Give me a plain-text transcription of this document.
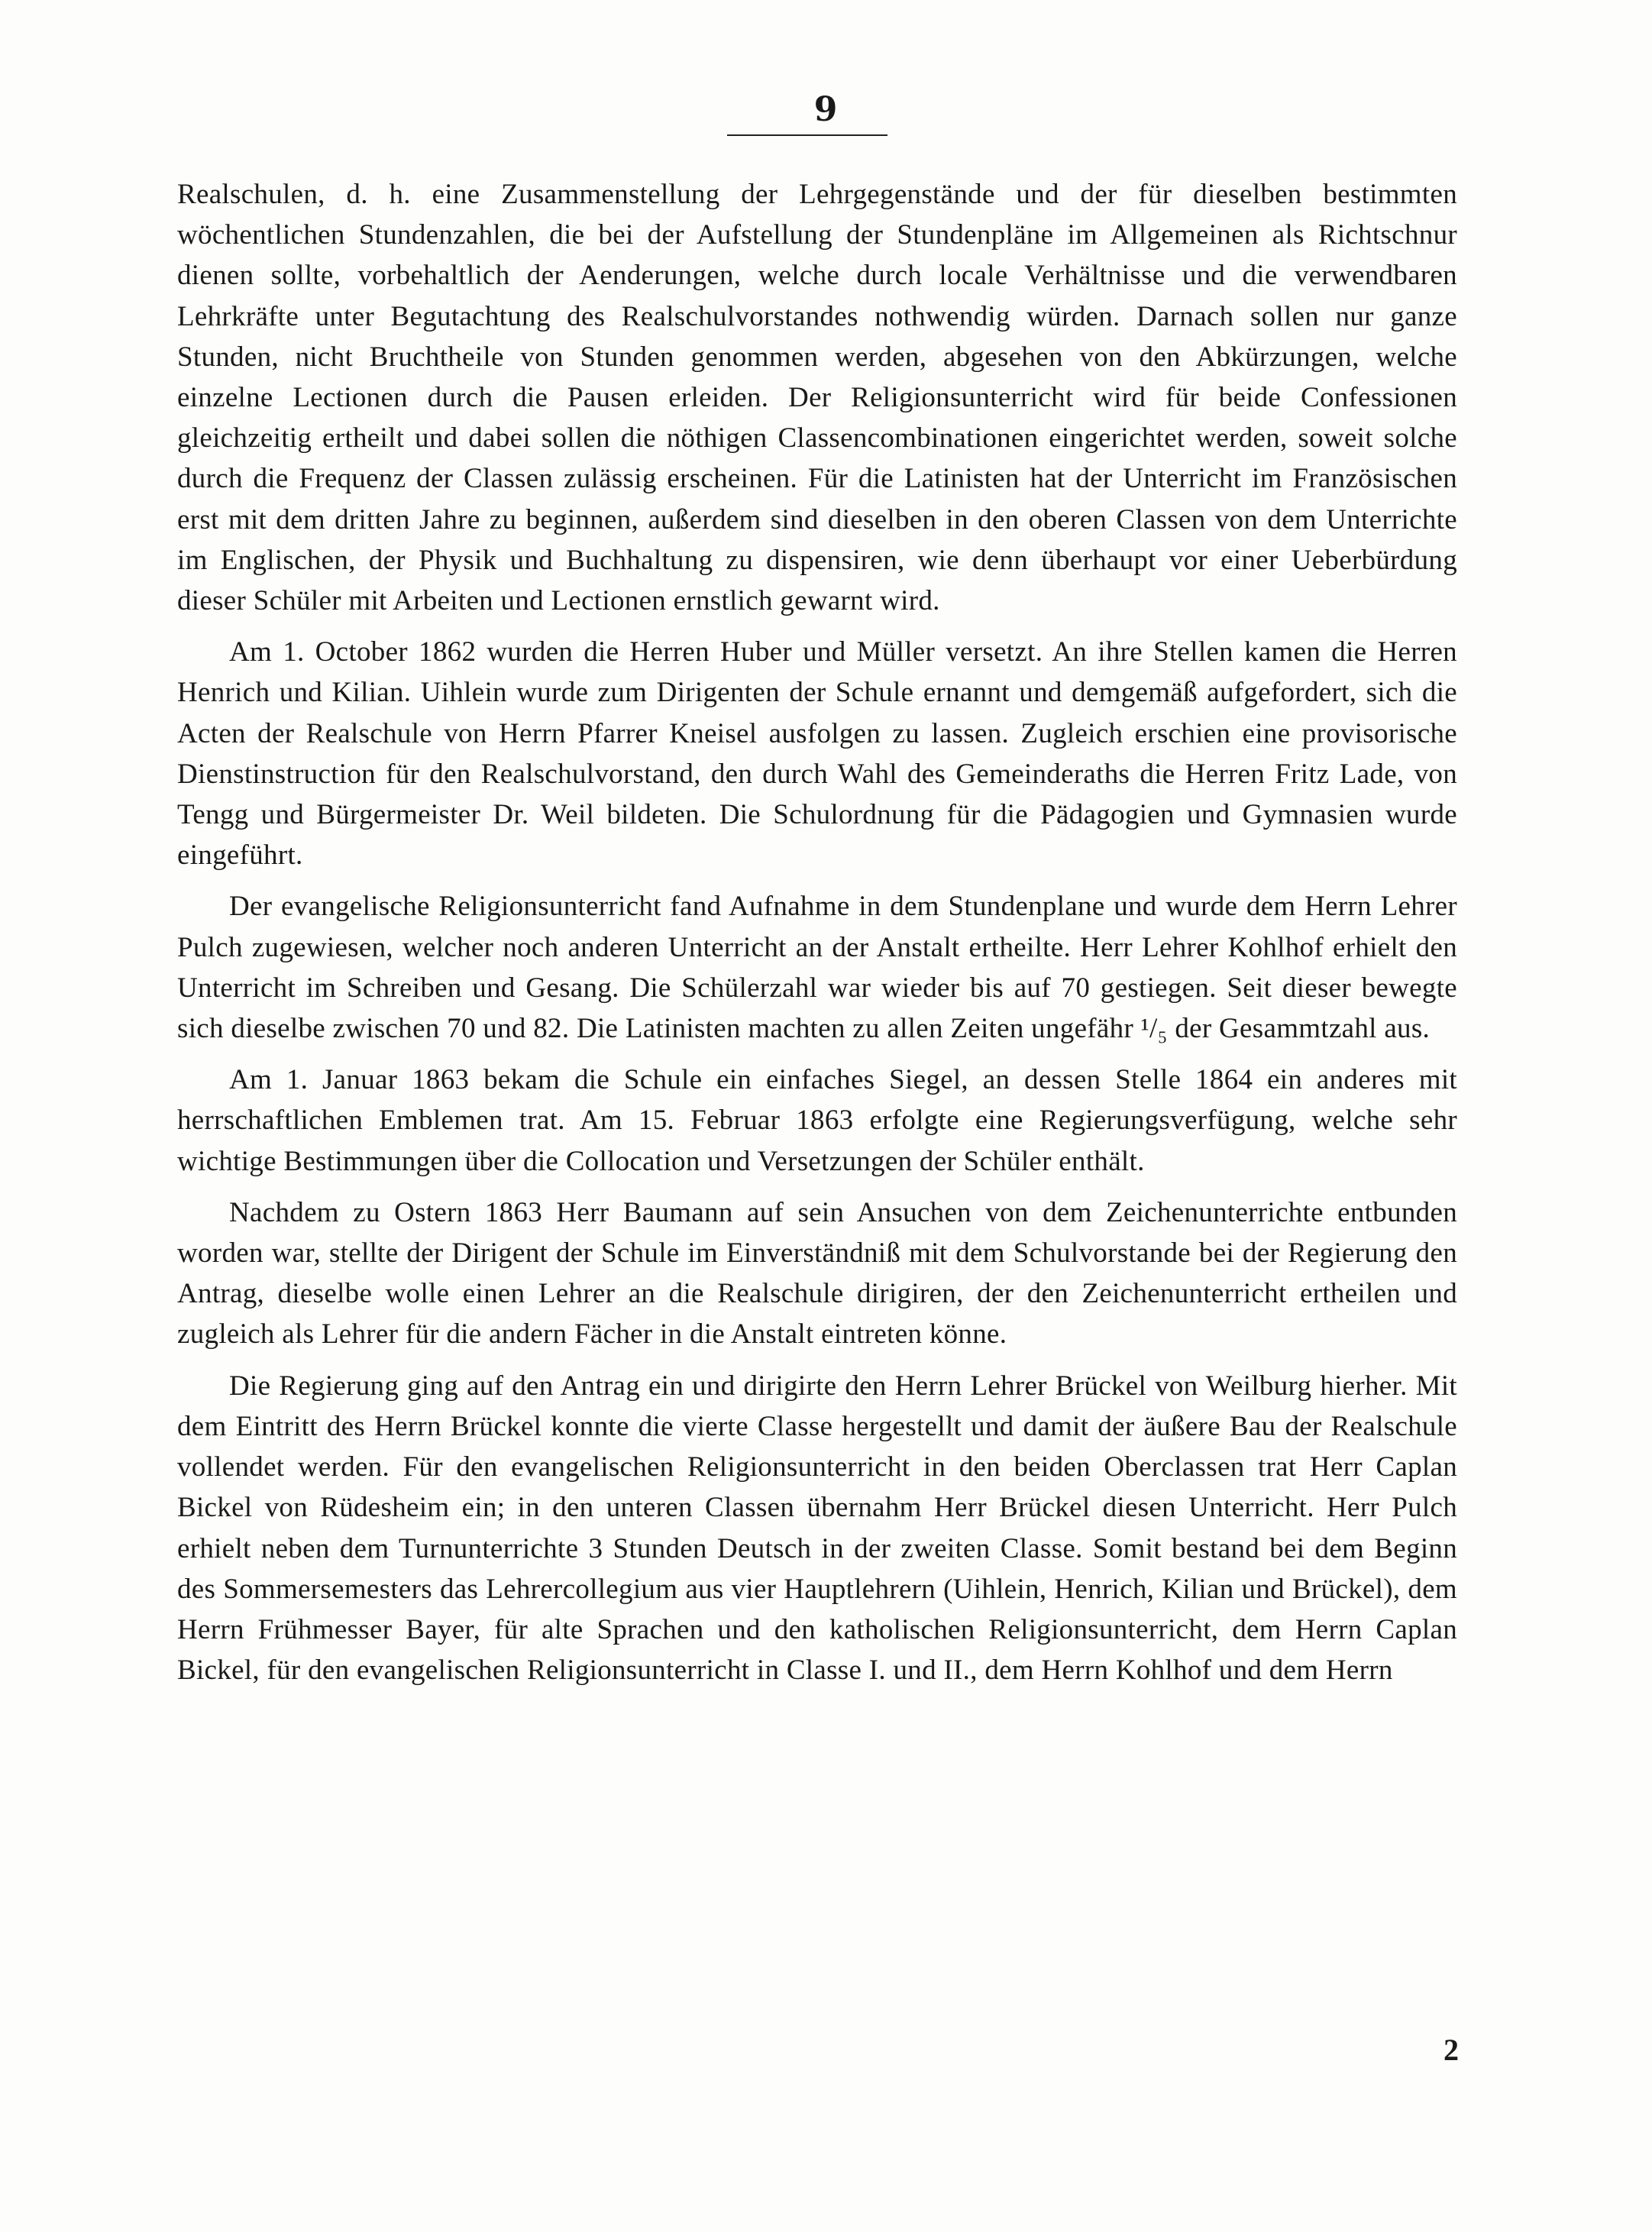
9

Realschulen, d. h. eine Zusammenstellung der Lehrgegenstände und der für dieselben bestimmten wöchentlichen Stundenzahlen, die bei der Aufstellung der Stundenpläne im Allgemeinen als Richtschnur dienen sollte, vorbehaltlich der Aenderungen, welche durch locale Verhältnisse und die verwendbaren Lehrkräfte unter Begutachtung des Realschulvorstandes nothwendig würden. Darnach sollen nur ganze Stunden, nicht Bruchtheile von Stunden genommen werden, abgesehen von den Abkürzungen, welche einzelne Lectionen durch die Pausen erleiden. Der Religionsunterricht wird für beide Confessionen gleichzeitig ertheilt und dabei sollen die nöthigen Classencombinationen eingerichtet werden, soweit solche durch die Frequenz der Classen zulässig erscheinen. Für die Latinisten hat der Unterricht im Französischen erst mit dem dritten Jahre zu beginnen, außerdem sind dieselben in den oberen Classen von dem Unterrichte im Englischen, der Physik und Buchhaltung zu dispensiren, wie denn überhaupt vor einer Ueberbürdung dieser Schüler mit Arbeiten und Lectionen ernstlich gewarnt wird.

Am 1. October 1862 wurden die Herren Huber und Müller versetzt. An ihre Stellen kamen die Herren Henrich und Kilian. Uihlein wurde zum Dirigenten der Schule ernannt und demgemäß aufgefordert, sich die Acten der Realschule von Herrn Pfarrer Kneisel ausfolgen zu lassen. Zugleich erschien eine provisorische Dienstinstruction für den Realschulvorstand, den durch Wahl des Gemeinderaths die Herren Fritz Lade, von Tengg und Bürgermeister Dr. Weil bildeten. Die Schulordnung für die Pädagogien und Gymnasien wurde eingeführt.

Der evangelische Religionsunterricht fand Aufnahme in dem Stundenplane und wurde dem Herrn Lehrer Pulch zugewiesen, welcher noch anderen Unterricht an der Anstalt ertheilte. Herr Lehrer Kohlhof erhielt den Unterricht im Schreiben und Gesang. Die Schülerzahl war wieder bis auf 70 gestiegen. Seit dieser bewegte sich dieselbe zwischen 70 und 82. Die Latinisten machten zu allen Zeiten ungefähr ¹/₅ der Gesammtzahl aus.

Am 1. Januar 1863 bekam die Schule ein einfaches Siegel, an dessen Stelle 1864 ein anderes mit herrschaftlichen Emblemen trat. Am 15. Februar 1863 erfolgte eine Regierungsverfügung, welche sehr wichtige Bestimmungen über die Collocation und Versetzungen der Schüler enthält.

Nachdem zu Ostern 1863 Herr Baumann auf sein Ansuchen von dem Zeichenunterrichte entbunden worden war, stellte der Dirigent der Schule im Einverständniß mit dem Schulvorstande bei der Regierung den Antrag, dieselbe wolle einen Lehrer an die Realschule dirigiren, der den Zeichenunterricht ertheilen und zugleich als Lehrer für die andern Fächer in die Anstalt eintreten könne.

Die Regierung ging auf den Antrag ein und dirigirte den Herrn Lehrer Brückel von Weilburg hierher. Mit dem Eintritt des Herrn Brückel konnte die vierte Classe hergestellt und damit der äußere Bau der Realschule vollendet werden. Für den evangelischen Religionsunterricht in den beiden Oberclassen trat Herr Caplan Bickel von Rüdesheim ein; in den unteren Classen übernahm Herr Brückel diesen Unterricht. Herr Pulch erhielt neben dem Turnunterrichte 3 Stunden Deutsch in der zweiten Classe. Somit bestand bei dem Beginn des Sommersemesters das Lehrercollegium aus vier Hauptlehrern (Uihlein, Henrich, Kilian und Brückel), dem Herrn Frühmesser Bayer, für alte Sprachen und den katholischen Religionsunterricht, dem Herrn Caplan Bickel, für den evangelischen Religionsunterricht in Classe I. und II., dem Herrn Kohlhof und dem Herrn

2
